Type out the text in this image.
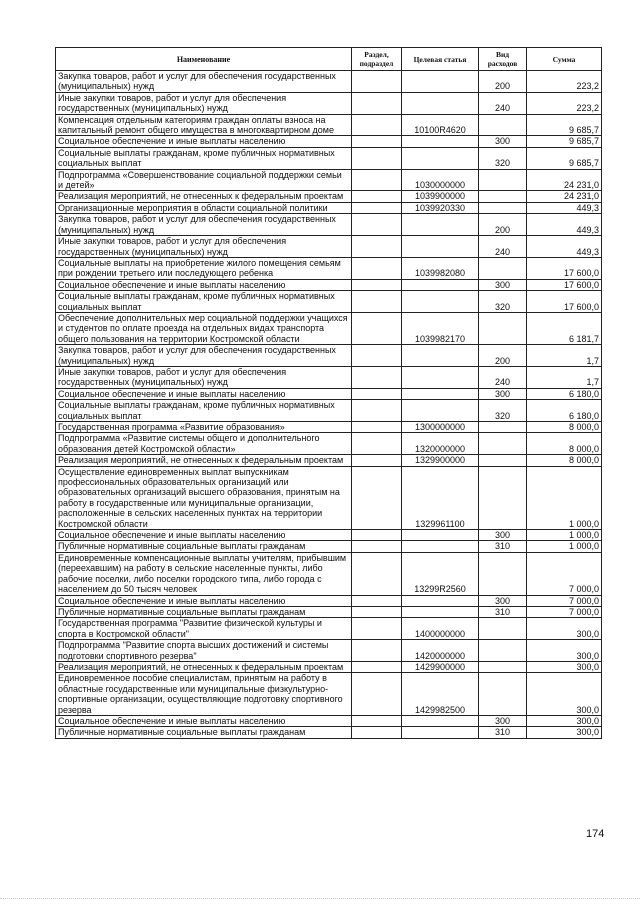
Наименование	Раздел, подраздел	Целевая статья	Вид расходов	Сумма
Закупка товаров, работ и услуг для обеспечения государственных (муниципальных) нужд			200	223,2
Иные закупки товаров, работ и услуг для обеспечения государственных (муниципальных) нужд			240	223,2
Компенсация отдельным категориям граждан оплаты взноса на капитальный ремонт общего имущества в многоквартирном доме		10100R4620		9 685,7
Социальное обеспечение и иные выплаты населению			300	9 685,7
Социальные выплаты гражданам, кроме публичных нормативных социальных выплат			320	9 685,7
Подпрограмма «Совершенствование социальной поддержки семьи и детей»		1030000000		24 231,0
Реализация мероприятий, не отнесенных к федеральным проектам		1039900000		24 231,0
Организационные мероприятия в области социальной политики		1039920330		449,3
Закупка товаров, работ и услуг для обеспечения государственных (муниципальных) нужд			200	449,3
Иные закупки товаров, работ и услуг для обеспечения государственных (муниципальных) нужд			240	449,3
Социальные выплаты на приобретение жилого помещения семьям при рождении третьего или последующего ребенка		1039982080		17 600,0
Социальное обеспечение и иные выплаты населению			300	17 600,0
Социальные выплаты гражданам, кроме публичных нормативных социальных выплат			320	17 600,0
Обеспечение дополнительных мер социальной поддержки учащихся и студентов по оплате проезда на отдельных видах транспорта общего пользования на территории Костромской области		1039982170		6 181,7
Закупка товаров, работ и услуг для обеспечения государственных (муниципальных) нужд			200	1,7
Иные закупки товаров, работ и услуг для обеспечения государственных (муниципальных) нужд			240	1,7
Социальное обеспечение и иные выплаты населению			300	6 180,0
Социальные выплаты гражданам, кроме публичных нормативных социальных выплат			320	6 180,0
Государственная программа «Развитие образования»		1300000000		8 000,0
Подпрограмма «Развитие системы общего и дополнительного образования детей Костромской области»		1320000000		8 000,0
Реализация мероприятий, не отнесенных к федеральным проектам		1329900000		8 000,0
Осуществление единовременных выплат выпускникам профессиональных образовательных организаций или образовательных организаций высшего образования, принятым на работу в государственные или муниципальные организации, расположенные в сельских населенных пунктах на территории Костромской области		1329961100		1 000,0
Социальное обеспечение и иные выплаты населению			300	1 000,0
Публичные нормативные социальные выплаты гражданам			310	1 000,0
Единовременные компенсационные выплаты учителям, прибывшим (переехавшим) на работу в сельские населенные пункты, либо рабочие поселки, либо поселки городского типа, либо города с населением до 50 тысяч человек		13299R2560		7 000,0
Социальное обеспечение и иные выплаты населению			300	7 000,0
Публичные нормативные социальные выплаты гражданам			310	7 000,0
Государственная программа "Развитие физической культуры и спорта в Костромской области"		1400000000		300,0
Подпрограмма "Развитие спорта высших достижений и системы подготовки спортивного резерва"		1420000000		300,0
Реализация мероприятий, не отнесенных к федеральным проектам		1429900000		300,0
Единовременное пособие специалистам, принятым на работу в областные государственные или муниципальные физкультурно-спортивные организации, осуществляющие подготовку спортивного резерва		1429982500		300,0
Социальное обеспечение и иные выплаты населению			300	300,0
Публичные нормативные социальные выплаты гражданам			310	300,0
174
